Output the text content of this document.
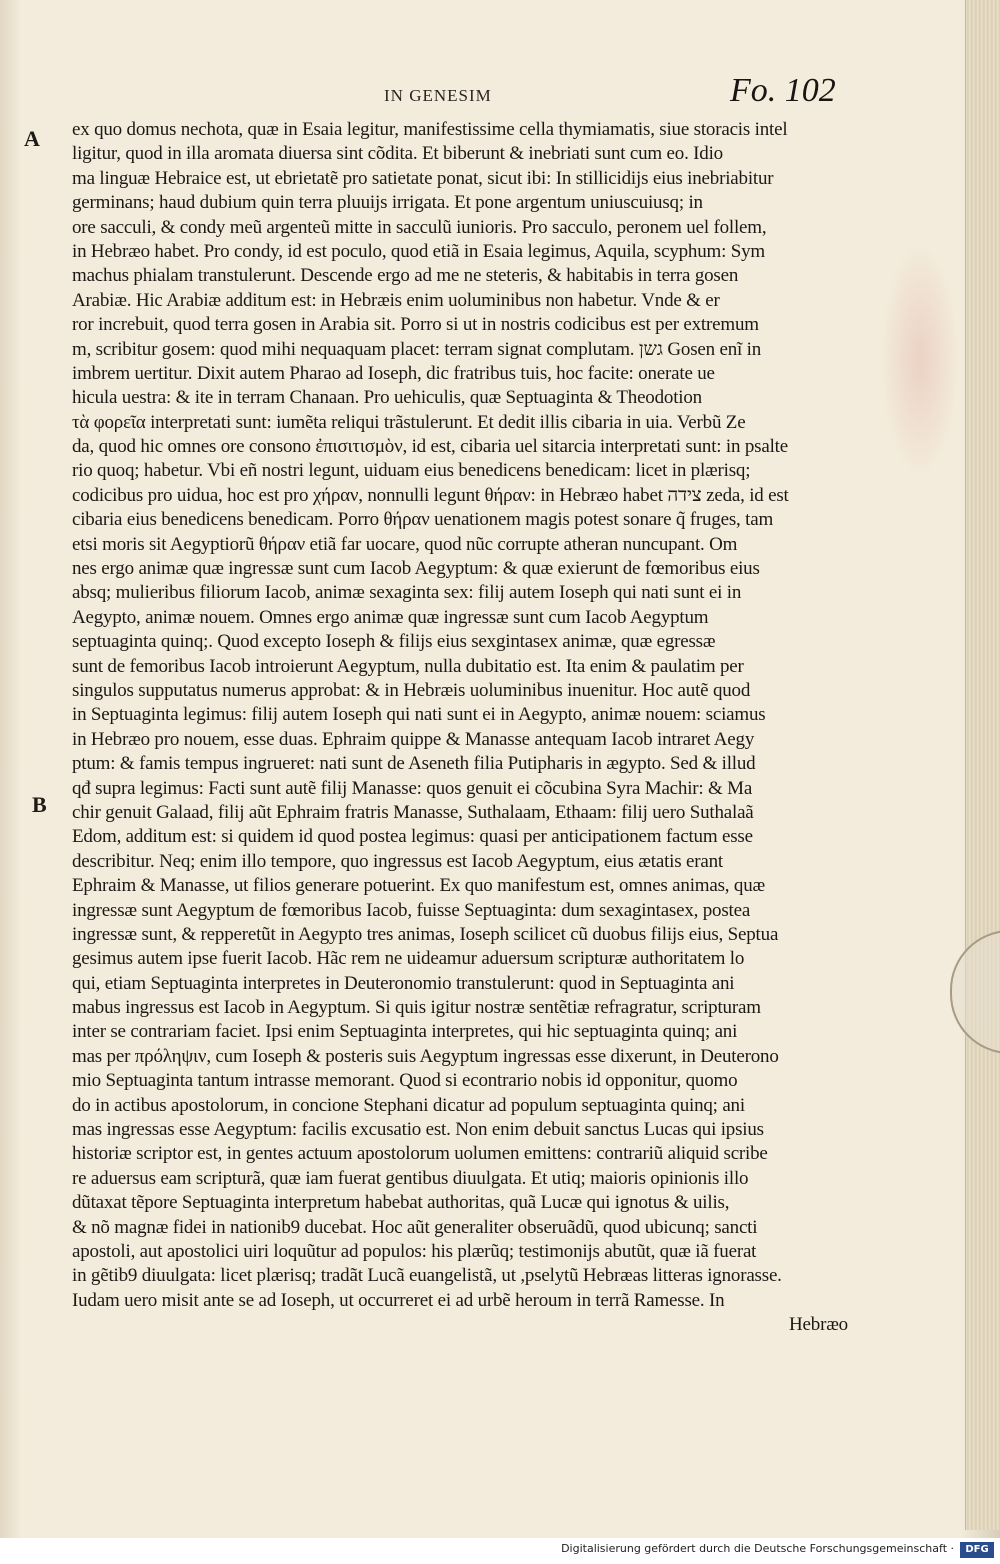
IN GENESIM	Fo. 102
A
B
ex quo domus nechota, quæ in Esaia legitur, manifestissime cella thymiamatis, siue storacis intel
ligitur, quod in illa aromata diuersa sint cõdita. Et biberunt & inebriati sunt cum eo. Idio
ma linguæ Hebraice est, ut ebrietatẽ pro satietate ponat, sicut ibi: In stillicidijs eius inebriabitur
germinans; haud dubium quin terra pluuijs irrigata. Et pone argentum uniuscuiusq; in
ore sacculi, & condy meũ argenteũ mitte in sacculũ iunioris. Pro sacculo, peronem uel follem,
in Hebræo habet. Pro condy, id est poculo, quod etiã in Esaia legimus, Aquila, scyphum: Sym
machus phialam transtulerunt. Descende ergo ad me ne steteris, & habitabis in terra gosen
Arabiæ. Hic Arabiæ additum est: in Hebræis enim uoluminibus non habetur. Vnde & er
ror increbuit, quod terra gosen in Arabia sit. Porro si ut in nostris codicibus est per extremum
m, scribitur gosem: quod mihi nequaquam placet: terram signat complutam. גשן Gosen enĩ in
imbrem uertitur. Dixit autem Pharao ad Ioseph, dic fratribus tuis, hoc facite: onerate ue
hicula uestra: & ite in terram Chanaan. Pro uehiculis, quæ Septuaginta & Theodotion
τὰ φορεῖα interpretati sunt: iumẽta reliqui trãstulerunt. Et dedit illis cibaria in uia. Verbũ Ze
da, quod hic omnes ore consono ἐπισιτισμὸν, id est, cibaria uel sitarcia interpretati sunt: in psalte
rio quoq; habetur. Vbi eñ nostri legunt, uiduam eius benedicens benedicam: licet in plærisq;
codicibus pro uidua, hoc est pro χήραν, nonnulli legunt θήραν: in Hebræo habet צידה zeda, id est
cibaria eius benedicens benedicam. Porro θήραν uenationem magis potest sonare q̃ fruges, tam
etsi moris sit Aegyptiorũ θήραν etiã far uocare, quod nũc corrupte atheran nuncupant. Om
nes ergo animæ quæ ingressæ sunt cum Iacob Aegyptum: & quæ exierunt de fœmoribus eius
absq; mulieribus filiorum Iacob, animæ sexaginta sex: filij autem Ioseph qui nati sunt ei in
Aegypto, animæ nouem. Omnes ergo animæ quæ ingressæ sunt cum Iacob Aegyptum
septuaginta quinq;. Quod excepto Ioseph & filijs eius sexgintasex animæ, quæ egressæ
sunt de femoribus Iacob introierunt Aegyptum, nulla dubitatio est. Ita enim & paulatim per
singulos supputatus numerus approbat: & in Hebræis uoluminibus inuenitur. Hoc autẽ quod
in Septuaginta legimus: filij autem Ioseph qui nati sunt ei in Aegypto, animæ nouem: sciamus
in Hebræo pro nouem, esse duas. Ephraim quippe & Manasse antequam Iacob intraret Aegy
ptum: & famis tempus ingrueret: nati sunt de Aseneth filia Putipharis in ægypto. Sed & illud
qđ supra legimus: Facti sunt autẽ filij Manasse: quos genuit ei cõcubina Syra Machir: & Ma
chir genuit Galaad, filij aũt Ephraim fratris Manasse, Suthalaam, Ethaam: filij uero Suthalaã
Edom, additum est: si quidem id quod postea legimus: quasi per anticipationem factum esse
describitur. Neq; enim illo tempore, quo ingressus est Iacob Aegyptum, eius ætatis erant
Ephraim & Manasse, ut filios generare potuerint. Ex quo manifestum est, omnes animas, quæ
ingressæ sunt Aegyptum de fœmoribus Iacob, fuisse Septuaginta: dum sexagintasex, postea
ingressæ sunt, & repperetũt in Aegypto tres animas, Ioseph scilicet cũ duobus filijs eius, Septua
gesimus autem ipse fuerit Iacob. Hãc rem ne uideamur aduersum scripturæ authoritatem lo
qui, etiam Septuaginta interpretes in Deuteronomio transtulerunt: quod in Septuaginta ani
mabus ingressus est Iacob in Aegyptum. Si quis igitur nostræ sentẽtiæ refragratur, scripturam
inter se contrariam faciet. Ipsi enim Septuaginta interpretes, qui hic septuaginta quinq; ani
mas per πρόληψιν, cum Ioseph & posteris suis Aegyptum ingressas esse dixerunt, in Deuterono
mio Septuaginta tantum intrasse memorant. Quod si econtrario nobis id opponitur, quomo
do in actibus apostolorum, in concione Stephani dicatur ad populum septuaginta quinq; ani
mas ingressas esse Aegyptum: facilis excusatio est. Non enim debuit sanctus Lucas qui ipsius
historiæ scriptor est, in gentes actuum apostolorum uolumen emittens: contrariũ aliquid scribe
re aduersus eam scripturã, quæ iam fuerat gentibus diuulgata. Et utiq; maioris opinionis illo
dũtaxat tẽpore Septuaginta interpretum habebat authoritas, quã Lucæ qui ignotus & uilis,
& nõ magnæ fidei in nationib9 ducebat. Hoc aũt generaliter obseruãdũ, quod ubicunq; sancti
apostoli, aut apostolici uiri loquũtur ad populos: his plærũq; testimonijs abutũt, quæ iã fuerat
in gẽtib9 diuulgata: licet plærisq; tradãt Lucã euangelistã, ut ,pselytũ Hebræas litteras ignorasse.
Iudam uero misit ante se ad Ioseph, ut occurreret ei ad urbẽ heroum in terrã Ramesse. In
Hebræo
Digitalisierung gefördert durch die Deutsche Forschungsgemeinschaft ·	DFG
